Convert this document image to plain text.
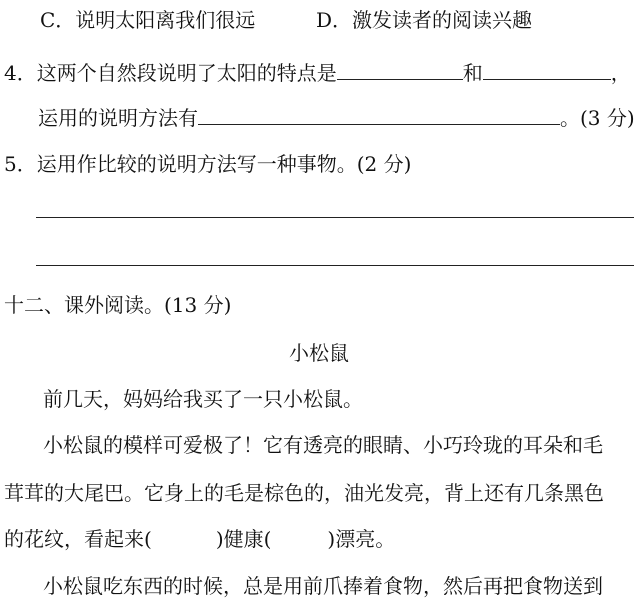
C．说明太阳离我们很远	D．激发读者的阅读兴趣
4．这两个自然段说明了太阳的特点是	和	，
运用的说明方法有	。(3 分)
5．运用作比较的说明方法写一种事物。(2 分)
十二、课外阅读。(13 分)
小松鼠
前几天，妈妈给我买了一只小松鼠。
小松鼠的模样可爱极了！它有透亮的眼睛、小巧玲珑的耳朵和毛
茸茸的大尾巴。它身上的毛是棕色的，油光发亮，背上还有几条黑色
的花纹，看起来(	)健康(	)漂亮。
小松鼠吃东西的时候，总是用前爪捧着食物，然后再把食物送到
